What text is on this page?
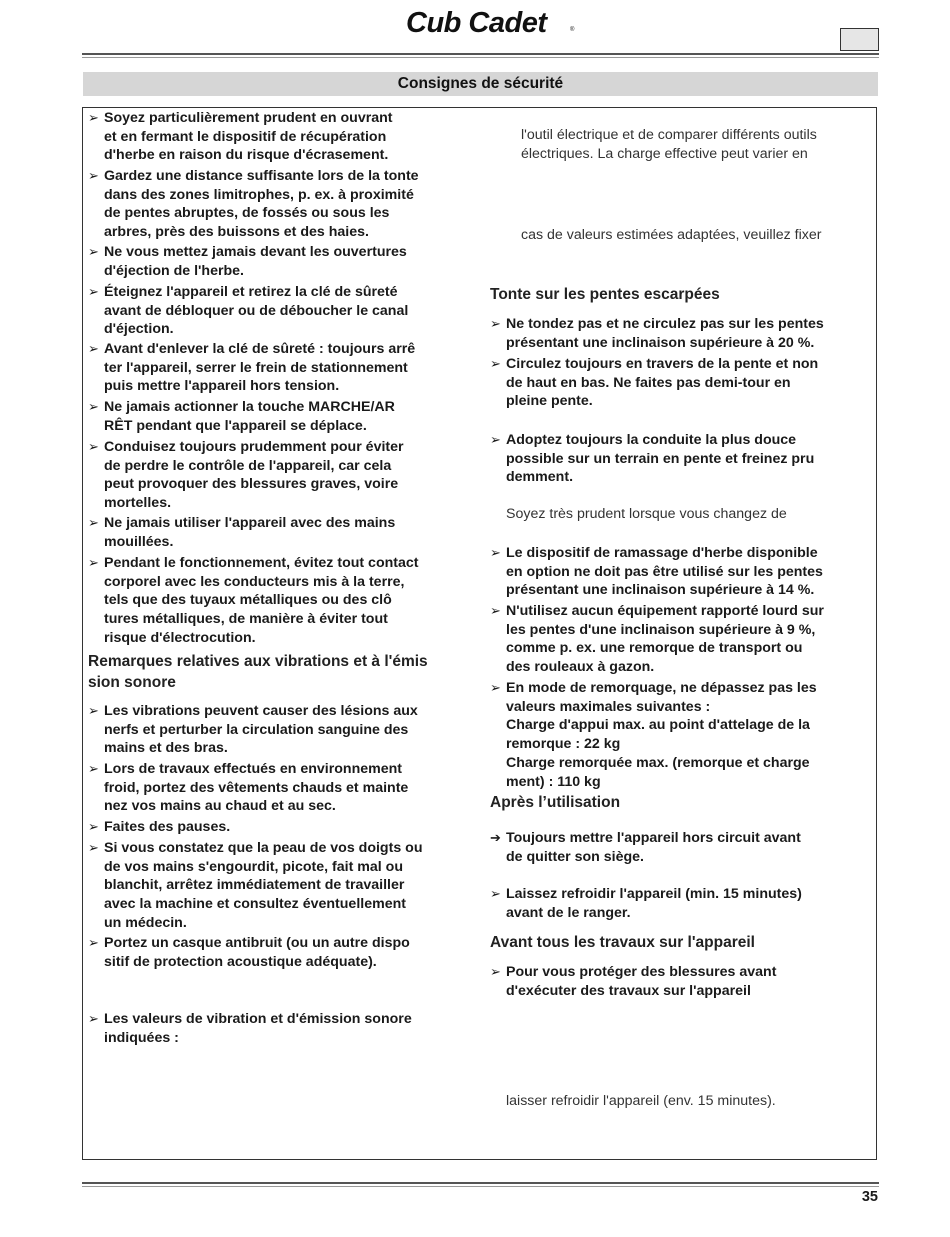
Cub Cadet	®
Consignes de sécurité
➢ Soyez particulièrement prudent en ouvrant
et en fermant le dispositif de récupération
d'herbe en raison du risque d'écrasement.
➢ Gardez une distance suffisante lors de la tonte
dans des zones limitrophes, p. ex. à proximité
de pentes abruptes, de fossés ou sous les
arbres, près des buissons et des haies.
➢ Ne vous mettez jamais devant les ouvertures
d'éjection de l'herbe.
➢ Éteignez l'appareil et retirez la clé de sûreté
avant de débloquer ou de déboucher le canal
d'éjection.
➢ Avant d'enlever la clé de sûreté : toujours arrê
ter l'appareil, serrer le frein de stationnement
puis mettre l'appareil hors tension.
➢ Ne jamais actionner la touche MARCHE/AR
RÊT pendant que l'appareil se déplace.
➢ Conduisez toujours prudemment pour éviter
de perdre le contrôle de l'appareil, car cela
peut provoquer des blessures graves, voire
mortelles.
➢ Ne jamais utiliser l'appareil avec des mains
mouillées.
➢ Pendant le fonctionnement, évitez tout contact
corporel avec les conducteurs mis à la terre,
tels que des tuyaux métalliques ou des clô
tures métalliques, de manière à éviter tout
risque d'électrocution.
Remarques relatives aux vibrations et à l'émis
sion sonore
➢ Les vibrations peuvent causer des lésions aux
nerfs et perturber la circulation sanguine des
mains et des bras.
➢ Lors de travaux effectués en environnement
froid, portez des vêtements chauds et mainte
nez vos mains au chaud et au sec.
➢ Faites des pauses.
➢ Si vous constatez que la peau de vos doigts ou
de vos mains s'engourdit, picote, fait mal ou
blanchit, arrêtez immédiatement de travailler
avec la machine et consultez éventuellement
un médecin.
➢ Portez un casque antibruit (ou un autre dispo
sitif de protection acoustique adéquate).
➢ Les valeurs de vibration et d'émission sonore
indiquées :
l'outil électrique et de comparer différents outils
électriques. La charge effective peut varier en
cas de valeurs estimées adaptées, veuillez fixer
Tonte sur les pentes escarpées
➢ Ne tondez pas et ne circulez pas sur les pentes
présentant une inclinaison supérieure à 20 %.
➢ Circulez toujours en travers de la pente et non
de haut en bas. Ne faites pas demi-tour en
pleine pente.
➢ Adoptez toujours la conduite la plus douce
possible sur un terrain en pente et freinez pru
demment.
Soyez très prudent lorsque vous changez de
➢ Le dispositif de ramassage d'herbe disponible
en option ne doit pas être utilisé sur les pentes
présentant une inclinaison supérieure à 14 %.
➢ N'utilisez aucun équipement rapporté lourd sur
les pentes d'une inclinaison supérieure à 9 %,
comme p. ex. une remorque de transport ou
des rouleaux à gazon.
➢ En mode de remorquage, ne dépassez pas les
valeurs maximales suivantes :
Charge d'appui max. au point d'attelage de la
remorque : 22 kg
Charge remorquée max. (remorque et charge
ment) : 110 kg
Après l’utilisation
➔ Toujours mettre l'appareil hors circuit avant
de quitter son siège.
➢ Laissez refroidir l'appareil (min. 15 minutes)
avant de le ranger.
Avant tous les travaux sur l'appareil
➢ Pour vous protéger des blessures avant
d'exécuter des travaux sur l'appareil
laisser refroidir l'appareil (env. 15 minutes).
35
